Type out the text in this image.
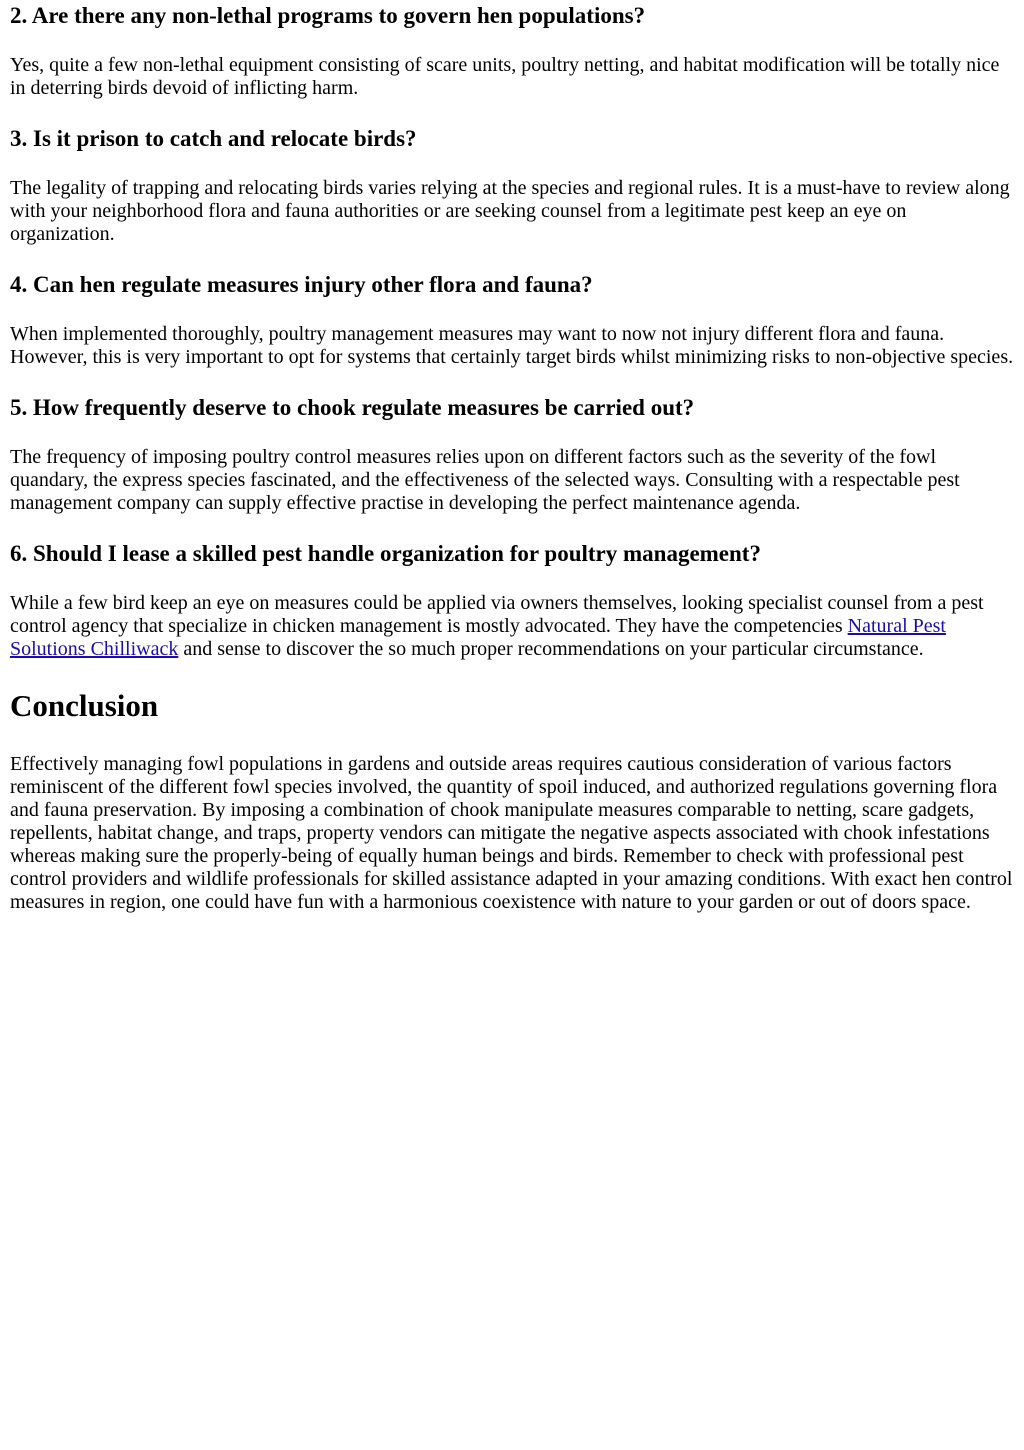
2. Are there any non-lethal programs to govern hen populations?

Yes, quite a few non-lethal equipment consisting of scare units, poultry netting, and habitat modification will be totally nice in deterring birds devoid of inflicting harm.

3. Is it prison to catch and relocate birds?

The legality of trapping and relocating birds varies relying at the species and regional rules. It is a must-have to review along with your neighborhood flora and fauna authorities or are seeking counsel from a legitimate pest keep an eye on organization.

4. Can hen regulate measures injury other flora and fauna?

When implemented thoroughly, poultry management measures may want to now not injury different flora and fauna. However, this is very important to opt for systems that certainly target birds whilst minimizing risks to non-objective species.

5. How frequently deserve to chook regulate measures be carried out?

The frequency of imposing poultry control measures relies upon on different factors such as the severity of the fowl quandary, the express species fascinated, and the effectiveness of the selected ways. Consulting with a respectable pest management company can supply effective practise in developing the perfect maintenance agenda.

6. Should I lease a skilled pest handle organization for poultry management?

While a few bird keep an eye on measures could be applied via owners themselves, looking specialist counsel from a pest control agency that specialize in chicken management is mostly advocated. They have the competencies Natural Pest Solutions Chilliwack and sense to discover the so much proper recommendations on your particular circumstance.

Conclusion

Effectively managing fowl populations in gardens and outside areas requires cautious consideration of various factors reminiscent of the different fowl species involved, the quantity of spoil induced, and authorized regulations governing flora and fauna preservation. By imposing a combination of chook manipulate measures comparable to netting, scare gadgets, repellents, habitat change, and traps, property vendors can mitigate the negative aspects associated with chook infestations whereas making sure the properly-being of equally human beings and birds. Remember to check with professional pest control providers and wildlife professionals for skilled assistance adapted in your amazing conditions. With exact hen control measures in region, one could have fun with a harmonious coexistence with nature to your garden or out of doors space.
